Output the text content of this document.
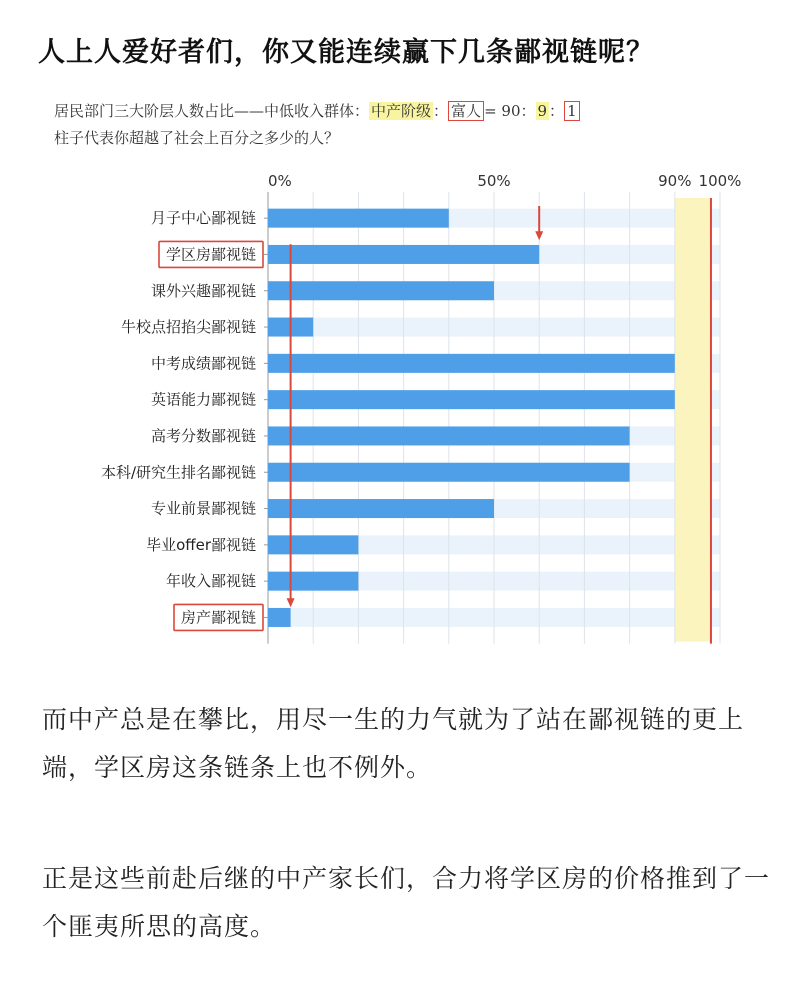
人上人爱好者们，你又能连续赢下几条鄙视链呢？
居民部门三大阶层人数占比——中低收入群体： 中产阶级 ： 富人 = 90： 9 ： 1
柱子代表你超越了社会上百分之多少的人？
月子中心鄙视链
学区房鄙视链
课外兴趣鄙视链
牛校点招掐尖鄙视链
中考成绩鄙视链
英语能力鄙视链
高考分数鄙视链
本科/研究生排名鄙视链
专业前景鄙视链
毕业offer鄙视链
年收入鄙视链
房产鄙视链
0%	50%	90% 100%
而中产总是在攀比，用尽一生的力气就为了站在鄙视链的更上端，学区房这条链条上也不例外。
正是这些前赴后继的中产家长们，合力将学区房的价格推到了一个匪夷所思的高度。
